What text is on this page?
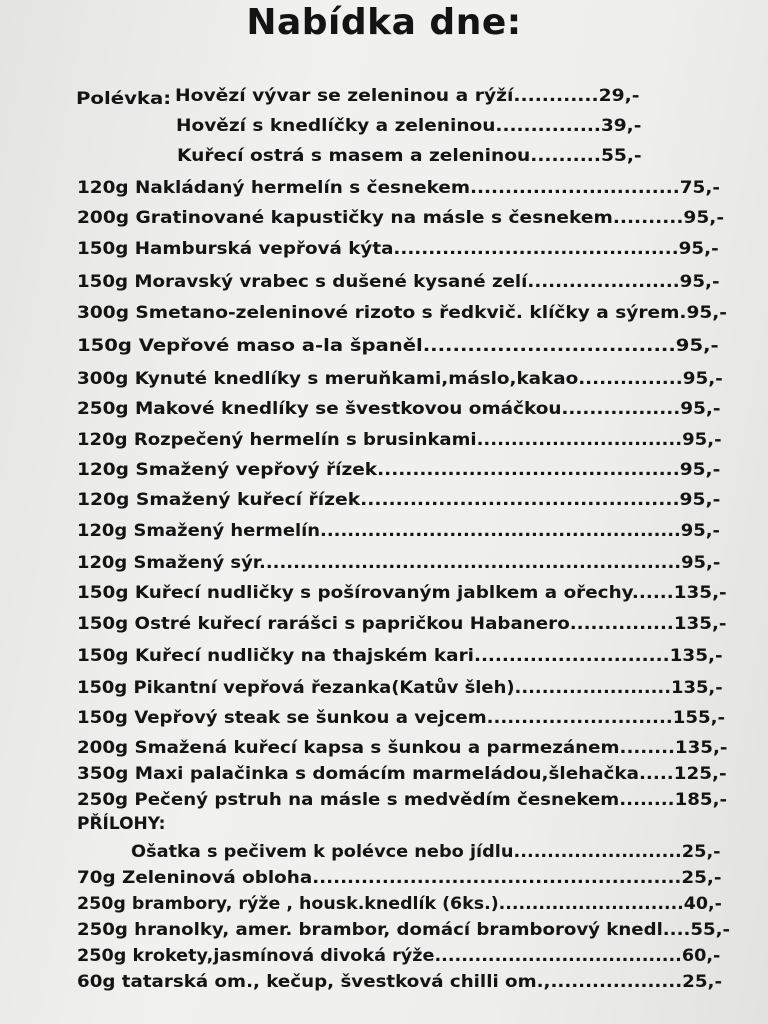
Nabídka dne:
Polévka: Hovězí vývar se zeleninou a rýží............29,-
Hovězí s knedlíčky a zeleninou...............39,-
Kuřecí ostrá s masem a zeleninou..........55,-
120g Nakládaný hermelín s česnekem..............................75,-
200g Gratinované kapustičky na másle s česnekem..........95,-
150g Hamburská vepřová kýta.........................................95,-
150g Moravský vrabec s dušené kysané zelí......................95,-
300g Smetano-zeleninové rizoto s ředkvič. klíčky a sýrem.95,-
150g Vepřové maso a-la španěl..................................95,-
300g Kynuté knedlíky s meruňkami,máslo,kakao...............95,-
250g Makové knedlíky se švestkovou omáčkou.................95,-
120g Rozpečený hermelín s brusinkami..............................95,-
120g Smažený vepřový řízek...........................................95,-
120g Smažený kuřecí řízek.............................................95,-
120g Smažený hermelín.....................................................95,-
120g Smažený sýr..............................................................95,-
150g Kuřecí nudličky s pošírovaným jablkem a ořechy......135,-
150g Ostré kuřecí rarášci s papričkou Habanero...............135,-
150g Kuřecí nudličky na thajském kari............................135,-
150g Pikantní vepřová řezanka(Katův šleh).......................135,-
150g Vepřový steak se šunkou a vejcem...........................155,-
200g Smažená kuřecí kapsa s šunkou a parmezánem........135,-
350g Maxi palačinka s domácím marmeládou,šlehačka.....125,-
250g Pečený pstruh na másle s medvědím česnekem........185,-
PŘÍLOHY:
Ošatka s pečivem k polévce nebo jídlu.........................25,-
70g Zeleninová obloha.....................................................25,-
250g brambory, rýže , housk.knedlík (6ks.)............................40,-
250g hranolky, amer. brambor, domácí bramborový knedl....55,-
250g krokety,jasmínová divoká rýže.....................................60,-
60g tatarská om., kečup, švestková chilli om.,...................25,-
